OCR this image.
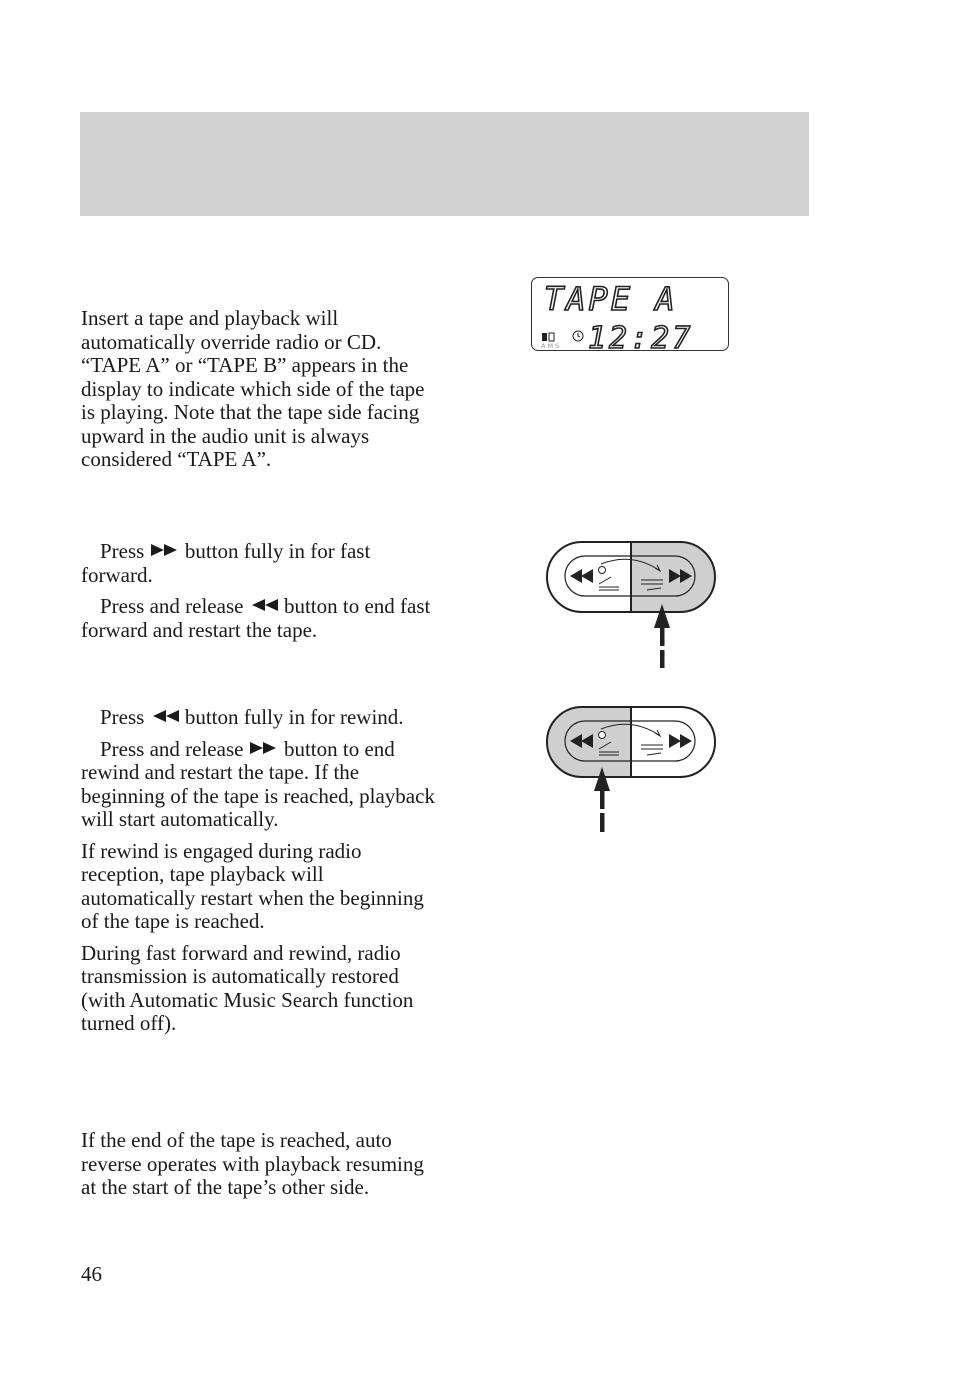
Insert a tape and playback will automatically override radio or CD. “TAPE A” or “TAPE B” appears in the display to indicate which side of the tape is playing. Note that the tape side facing upward in the audio unit is always considered “TAPE A”.

Press button fully in for fast forward.

Press and release button to end fast forward and restart the tape.

Press button fully in for rewind.

Press and release button to end rewind and restart the tape. If the beginning of the tape is reached, playback will start automatically.

If rewind is engaged during radio reception, tape playback will automatically restart when the beginning of the tape is reached.

During fast forward and rewind, radio transmission is automatically restored (with Automatic Music Search function turned off).

If the end of the tape is reached, auto reverse operates with playback resuming at the start of the tape’s other side.

46
TAPE A
AMS 12:27
